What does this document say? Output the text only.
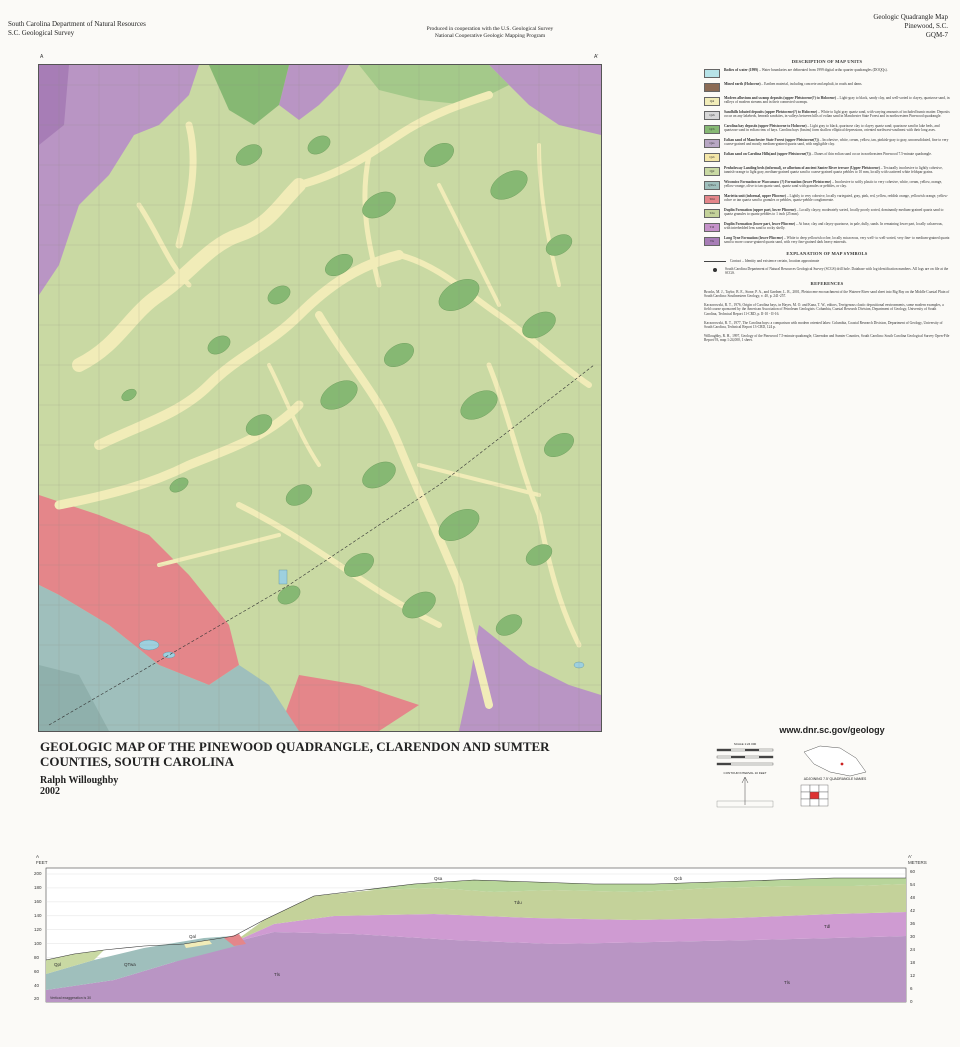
South Carolina Department of Natural Resources
S.C. Geological Survey	Produced in cooperation with the U.S. Geological Survey
National Cooperative Geologic Mapping Program
Geologic Quadrangle Map
Pinewood, S.C.
GQM-7
A	A'
DESCRIPTION OF MAP UNITS
Bodies of water (1999) – Water boundaries are delineated from 1999 digital ortho quarter quadrangles (DOQQs).
Mined earth (Holocene) – Earthen material, including concrete and asphalt, in roads and dams.
Qal
Modern alluvium and swamp deposits (upper Pleistocene(?) to Holocene) – Light-gray to black, sandy clay, and well-sorted to clayey, quartzose sand, in valleys of modern streams and in their connected swamps.
Qsh
Sandhills lobated deposits (upper Pleistocene(?) to Holocene) – White to light gray quartz sand, with varying amounts of included humic matter. Deposits occur on any lakebeds, beneath sandsites, in valleys between hills of eolian sand in Manchester State Forest and in northwestern Pinewood quadrangle.
Qcb
Carolina bay deposits (upper Pleistocene to Holocene) – Light gray to black, quartzose clay to clayey quartz sand; quartzose sand in lake beds, and quartzose sand in eolian rims of bays. Carolina bays (basins) form shallow elliptical depressions, oriented northwest-southeast with their long axes.
Qsa
Eolian sand of Manchester State Forest (upper Pleistocene(?)) – Incohesive, white, cream, yellow, tan, pinkish-gray to gray, unconsolidated, fine to very coarse-grained and mostly medium-grained quartz sand, with negligible clay.
Qsb
Eolian sand on Carolina Hills(and (upper Pleistocene(?)) – Dunes of thin eolian sand occur in northeastern Pinewood 7.5-minute quadrangle.
Qpl
Penholoway Landing beds (informal), or alluvium of ancient Santee River terrace (Upper Pleistocene) – Texturally incohesive to lightly cohesive, tannish-orange to light gray, medium-grained quartz sand to coarse-grained quartz pebbles to 10 mm, locally with scattered white feldspar grains.
QTwa
Wicomico Formation or Waccamaw (?) Formation (lower Pleistocene) – Incohesive to softly plastic to very cohesive, white, cream, yellow, orange, yellow-orange, olive to tan quartz sand, quartz sand with granules or pebbles, or clay.
Tmi
Marietta unit (informal, upper Pliocene) – Lightly to very cohesive, locally variegated, gray, pink, red, yellow, reddish orange, yellowish orange, yellow-ochre or tan quartz sand to granules or pebbles, quartz-pebble conglomerate.
Tdu
Duplin Formation (upper part, lower Pliocene) – Locally clayey, moderately sorted, locally poorly sorted, dominantly medium-grained quartz sand to quartz granules to quartz pebbles to 1 inch (25 mm).
Tdl
Duplin Formation (lower part, lower Pliocene) – At base, clay and clayey quartzose, in pale, dully, sands. In remaining lower part, locally calcareous, with interbedded lens sand to rocky shelly.
Tls
Long Tyne Formation (lower Pliocene) – White to deep yellowish ochre, locally micaceous, very well- to well-sorted, very fine- to medium-grained quartz sand to more coarse-grained quartz sand, with very fine-grained dark heavy minerals.
EXPLANATION OF MAP SYMBOLS
Contact – Identity and existence certain, location approximate
South Carolina Department of Natural Resources Geological Survey (SCGS) drill hole. Database with log identification numbers. All logs are on file at the SCGS.
REFERENCES

Brooks, M. J., Taylor, B. E., Stone, P. A., and Gardner, L. R., 2001, Pleistocene encroachment of the Wateree River sand sheet into Big Bay on the Middle Coastal Plain of South Carolina: Southeastern Geology, v. 40, p. 241-257.

Kaczorowski, R. T., 1976, Origin of Carolina bays, in Hayes, M. O. and Kana, T. W., editors, Terrigenous clastic depositional environments, some modern examples, a field course sponsored by the American Association of Petroleum Geologists: Columbia, Coastal Research Division, Department of Geology, University of South Carolina, Technical Report 11-CRD, p. II-10 - II-16.

Kaczorowski, R. T., 1977, The Carolina bays: a comparison with modern oriented lakes: Columbia, Coastal Research Division, Department of Geology, University of South Carolina, Technical Report 13-CRD, 124 p.

Willoughby, R. H., 1997, Geology of the Pinewood 7.5-minute quadrangle, Clarendon and Sumter Counties, South Carolina: South Carolina Geological Survey Open-File Report 93, map 1:24,000, 1 sheet.

GEOLOGIC MAP OF THE PINEWOOD QUADRANGLE, CLARENDON AND SUMTER

COUNTIES, SOUTH CAROLINA

Ralph Willoughby
2002
www.dnr.sc.gov/geology
SCALE 1:24 000
CONTOUR INTERVAL 10 FEET
ADJOINING 7.5' QUADRANGLE NAMES
A
FEET
A'
METERS
200
180
160
140
120
100
80
60
40
20
60
54
48
42
36
30
24
18
12
6
0
Vertical exaggeration is 30
Qpl	QTwa
Qal
Tdu
Tdl
Tls
Tls
Qsa	Qcb
